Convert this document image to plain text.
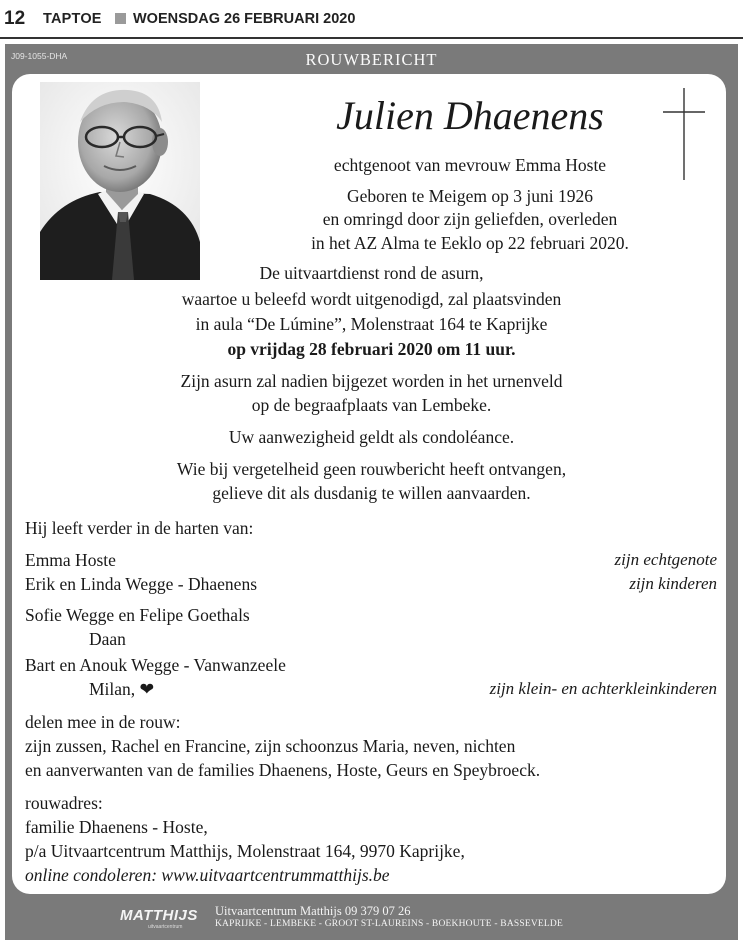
12 TAPTOE WOENSDAG 26 FEBRUARI 2020
J09-1055-DHA	ROUWBERICHT
Julien Dhaenens
echtgenoot van mevrouw Emma Hoste
Geboren te Meigem op 3 juni 1926
en omringd door zijn geliefden, overleden
in het AZ Alma te Eeklo op 22 februari 2020.
De uitvaartdienst rond de asurn,
waartoe u beleefd wordt uitgenodigd, zal plaatsvinden
in aula “De Lúmine”, Molenstraat 164 te Kaprijke
op vrijdag 28 februari 2020 om 11 uur.
Zijn asurn zal nadien bijgezet worden in het urnenveld
op de begraafplaats van Lembeke.
Uw aanwezigheid geldt als condoléance.
Wie bij vergetelheid geen rouwbericht heeft ontvangen,
gelieve dit als dusdanig te willen aanvaarden.
Hij leeft verder in de harten van:
Emma Hoste	zijn echtgenote
Erik en Linda Wegge - Dhaenens	zijn kinderen
Sofie Wegge en Felipe Goethals
Daan
Bart en Anouk Wegge - Vanwanzeele
Milan, ❤	zijn klein- en achterkleinkinderen
delen mee in de rouw:
zijn zussen, Rachel en Francine, zijn schoonzus Maria, neven, nichten
en aanverwanten van de families Dhaenens, Hoste, Geurs en Speybroeck.
rouwadres:
familie Dhaenens - Hoste,
p/a Uitvaartcentrum Matthijs, Molenstraat 164, 9970 Kaprijke,
online condoleren: www.uitvaartcentrummatthijs.be
MATTHIJS
uitvaartcentrum
Uitvaartcentrum Matthijs 09 379 07 26
KAPRIJKE - LEMBEKE - GROOT ST-LAUREINS - BOEKHOUTE - BASSEVELDE
